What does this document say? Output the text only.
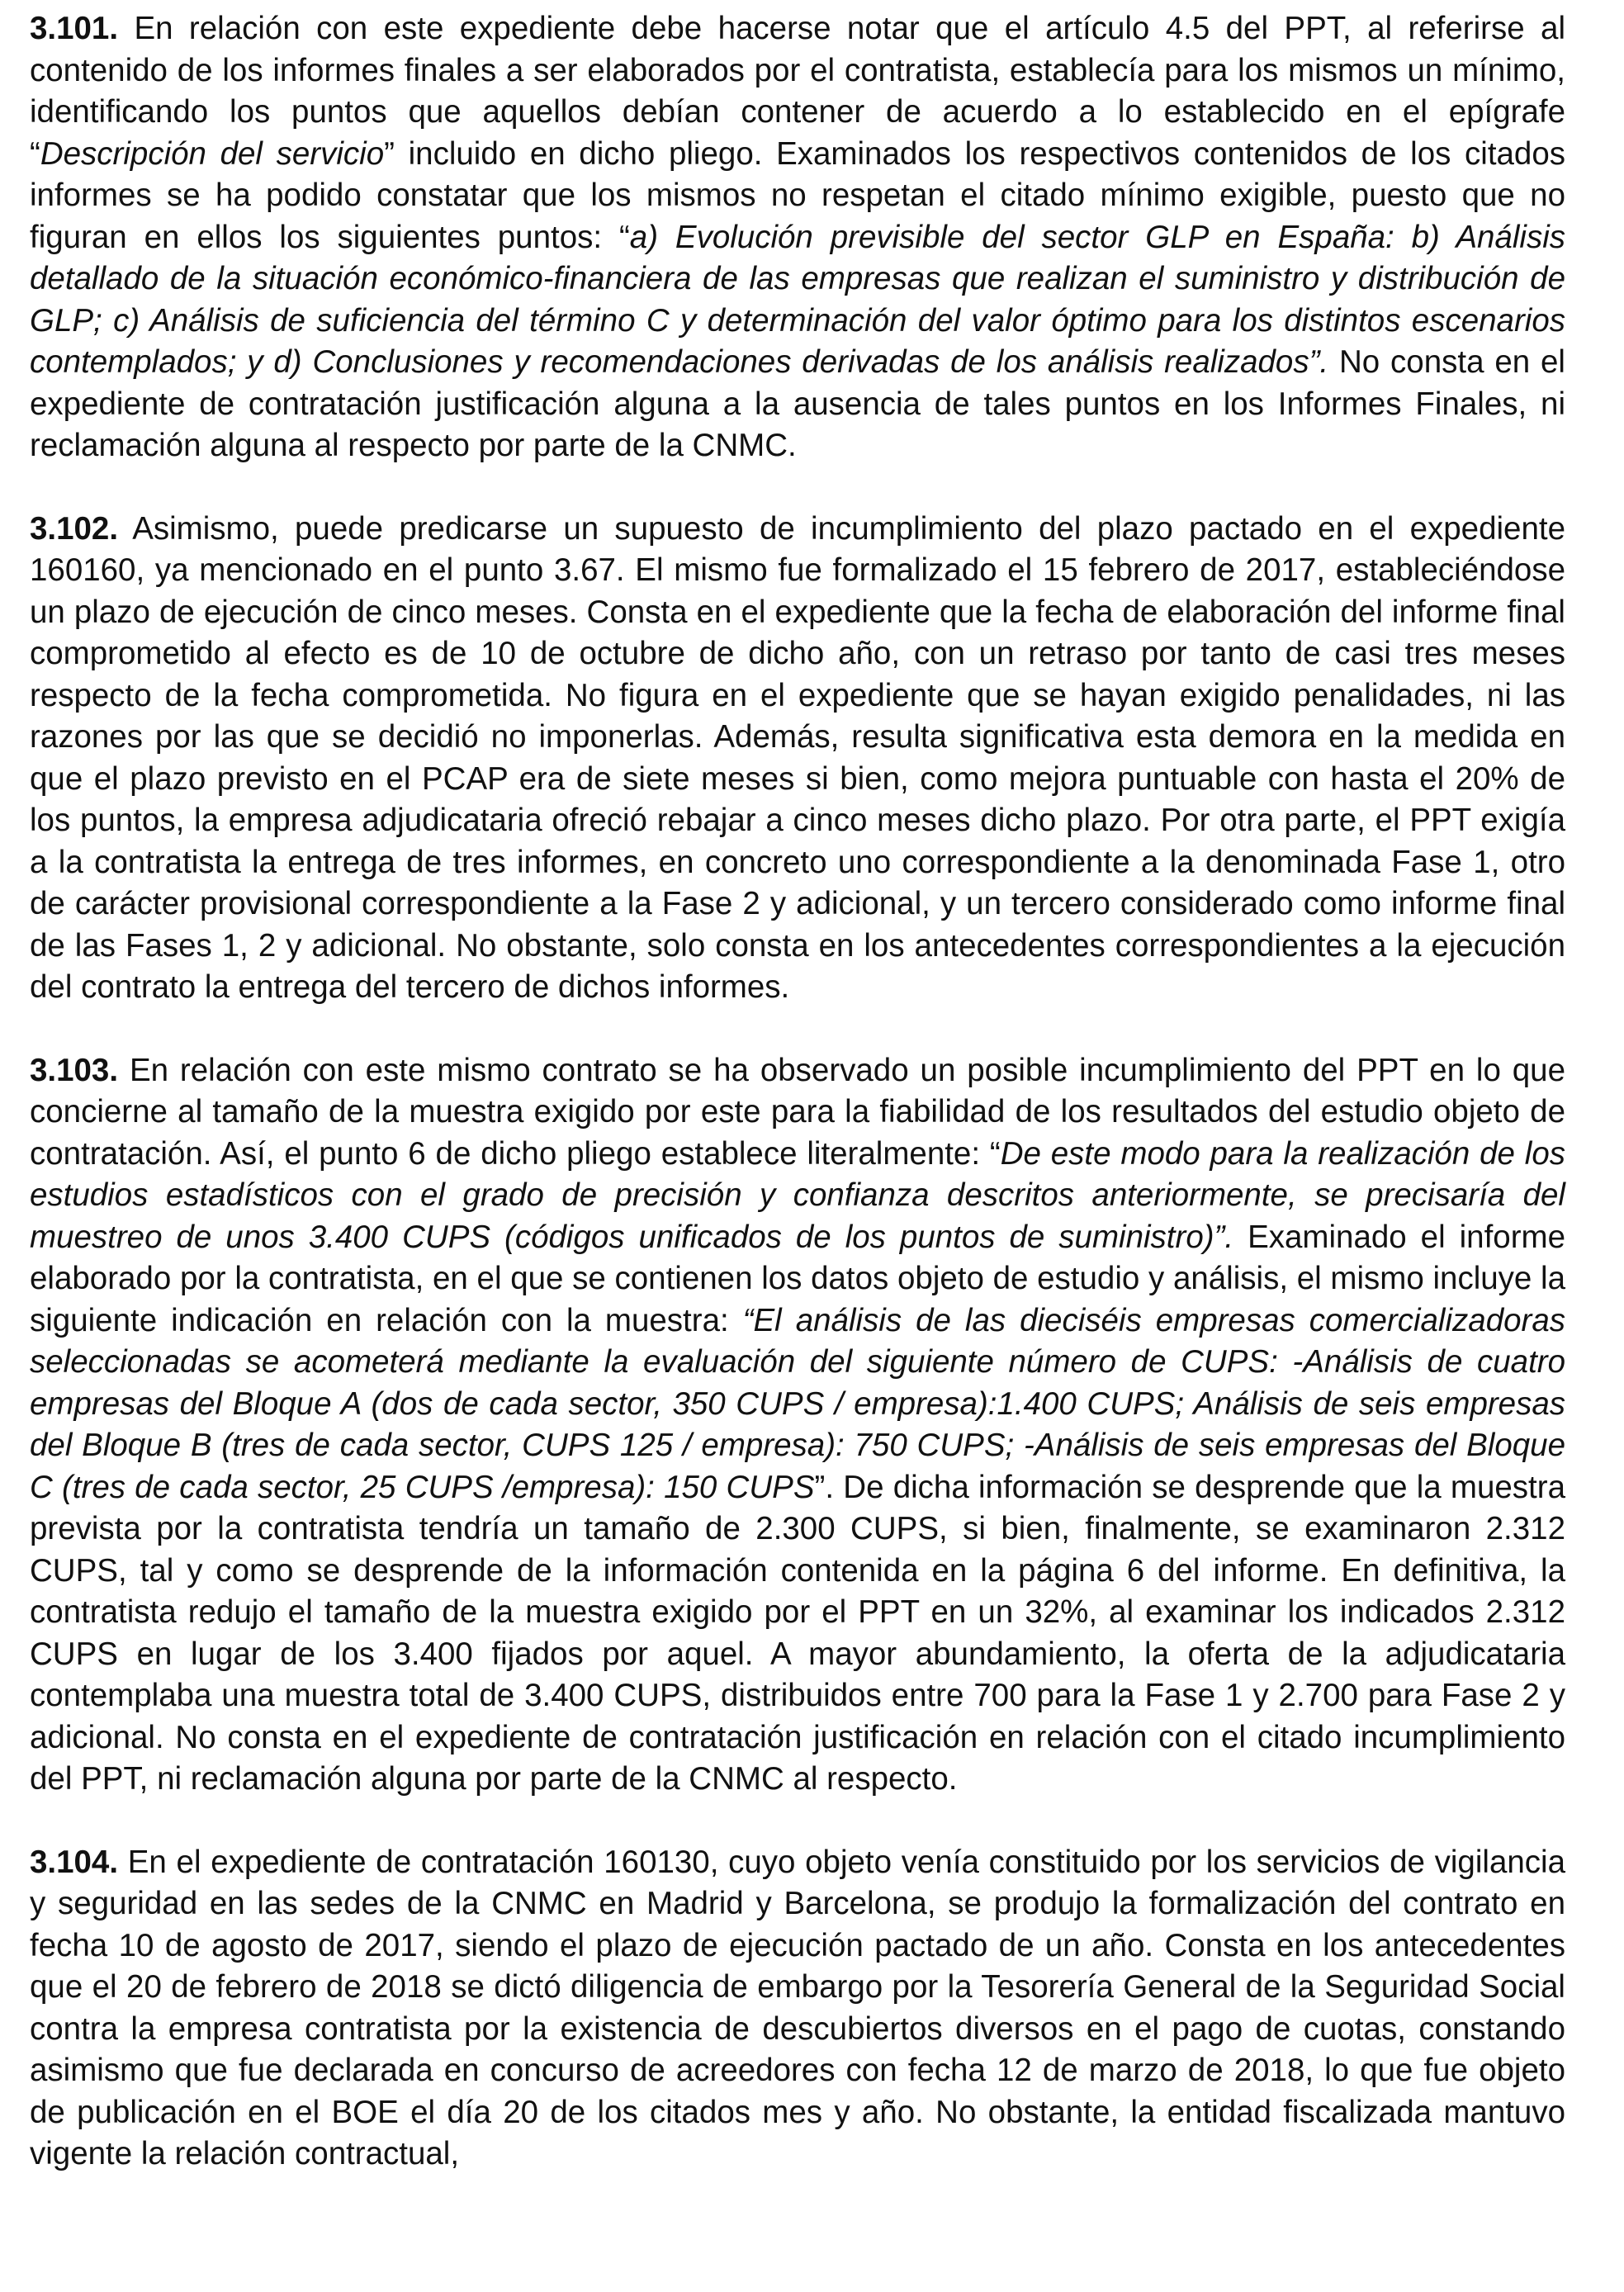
3.101. En relación con este expediente debe hacerse notar que el artículo 4.5 del PPT, al referirse al contenido de los informes finales a ser elaborados por el contratista, establecía para los mismos un mínimo, identificando los puntos que aquellos debían contener de acuerdo a lo establecido en el epígrafe “Descripción del servicio” incluido en dicho pliego. Examinados los respectivos contenidos de los citados informes se ha podido constatar que los mismos no respetan el citado mínimo exigible, puesto que no figuran en ellos los siguientes puntos: “a) Evolución previsible del sector GLP en España: b) Análisis detallado de la situación económico-financiera de las empresas que realizan el suministro y distribución de GLP; c) Análisis de suficiencia del término C y determinación del valor óptimo para los distintos escenarios contemplados; y d) Conclusiones y recomendaciones derivadas de los análisis realizados”. No consta en el expediente de contratación justificación alguna a la ausencia de tales puntos en los Informes Finales, ni reclamación alguna al respecto por parte de la CNMC.

3.102. Asimismo, puede predicarse un supuesto de incumplimiento del plazo pactado en el expediente 160160, ya mencionado en el punto 3.67. El mismo fue formalizado el 15 febrero de 2017, estableciéndose un plazo de ejecución de cinco meses. Consta en el expediente que la fecha de elaboración del informe final comprometido al efecto es de 10 de octubre de dicho año, con un retraso por tanto de casi tres meses respecto de la fecha comprometida. No figura en el expediente que se hayan exigido penalidades, ni las razones por las que se decidió no imponerlas. Además, resulta significativa esta demora en la medida en que el plazo previsto en el PCAP era de siete meses si bien, como mejora puntuable con hasta el 20% de los puntos, la empresa adjudicataria ofreció rebajar a cinco meses dicho plazo. Por otra parte, el PPT exigía a la contratista la entrega de tres informes, en concreto uno correspondiente a la denominada Fase 1, otro de carácter provisional correspondiente a la Fase 2 y adicional, y un tercero considerado como informe final de las Fases 1, 2 y adicional. No obstante, solo consta en los antecedentes correspondientes a la ejecución del contrato la entrega del tercero de dichos informes.

3.103. En relación con este mismo contrato se ha observado un posible incumplimiento del PPT en lo que concierne al tamaño de la muestra exigido por este para la fiabilidad de los resultados del estudio objeto de contratación. Así, el punto 6 de dicho pliego establece literalmente: “De este modo para la realización de los estudios estadísticos con el grado de precisión y confianza descritos anteriormente, se precisaría del muestreo de unos 3.400 CUPS (códigos unificados de los puntos de suministro)”. Examinado el informe elaborado por la contratista, en el que se contienen los datos objeto de estudio y análisis, el mismo incluye la siguiente indicación en relación con la muestra: “El análisis de las dieciséis empresas comercializadoras seleccionadas se acometerá mediante la evaluación del siguiente número de CUPS: -Análisis de cuatro empresas del Bloque A (dos de cada sector, 350 CUPS / empresa):1.400 CUPS; Análisis de seis empresas del Bloque B (tres de cada sector, CUPS 125 / empresa): 750 CUPS; -Análisis de seis empresas del Bloque C (tres de cada sector, 25 CUPS /empresa): 150 CUPS”. De dicha información se desprende que la muestra prevista por la contratista tendría un tamaño de 2.300 CUPS, si bien, finalmente, se examinaron 2.312 CUPS, tal y como se desprende de la información contenida en la página 6 del informe. En definitiva, la contratista redujo el tamaño de la muestra exigido por el PPT en un 32%, al examinar los indicados 2.312 CUPS en lugar de los 3.400 fijados por aquel. A mayor abundamiento, la oferta de la adjudicataria contemplaba una muestra total de 3.400 CUPS, distribuidos entre 700 para la Fase 1 y 2.700 para Fase 2 y adicional. No consta en el expediente de contratación justificación en relación con el citado incumplimiento del PPT, ni reclamación alguna por parte de la CNMC al respecto.

3.104. En el expediente de contratación 160130, cuyo objeto venía constituido por los servicios de vigilancia y seguridad en las sedes de la CNMC en Madrid y Barcelona, se produjo la formalización del contrato en fecha 10 de agosto de 2017, siendo el plazo de ejecución pactado de un año. Consta en los antecedentes que el 20 de febrero de 2018 se dictó diligencia de embargo por la Tesorería General de la Seguridad Social contra la empresa contratista por la existencia de descubiertos diversos en el pago de cuotas, constando asimismo que fue declarada en concurso de acreedores con fecha 12 de marzo de 2018, lo que fue objeto de publicación en el BOE el día 20 de los citados mes y año. No obstante, la entidad fiscalizada mantuvo vigente la relación contractual,
